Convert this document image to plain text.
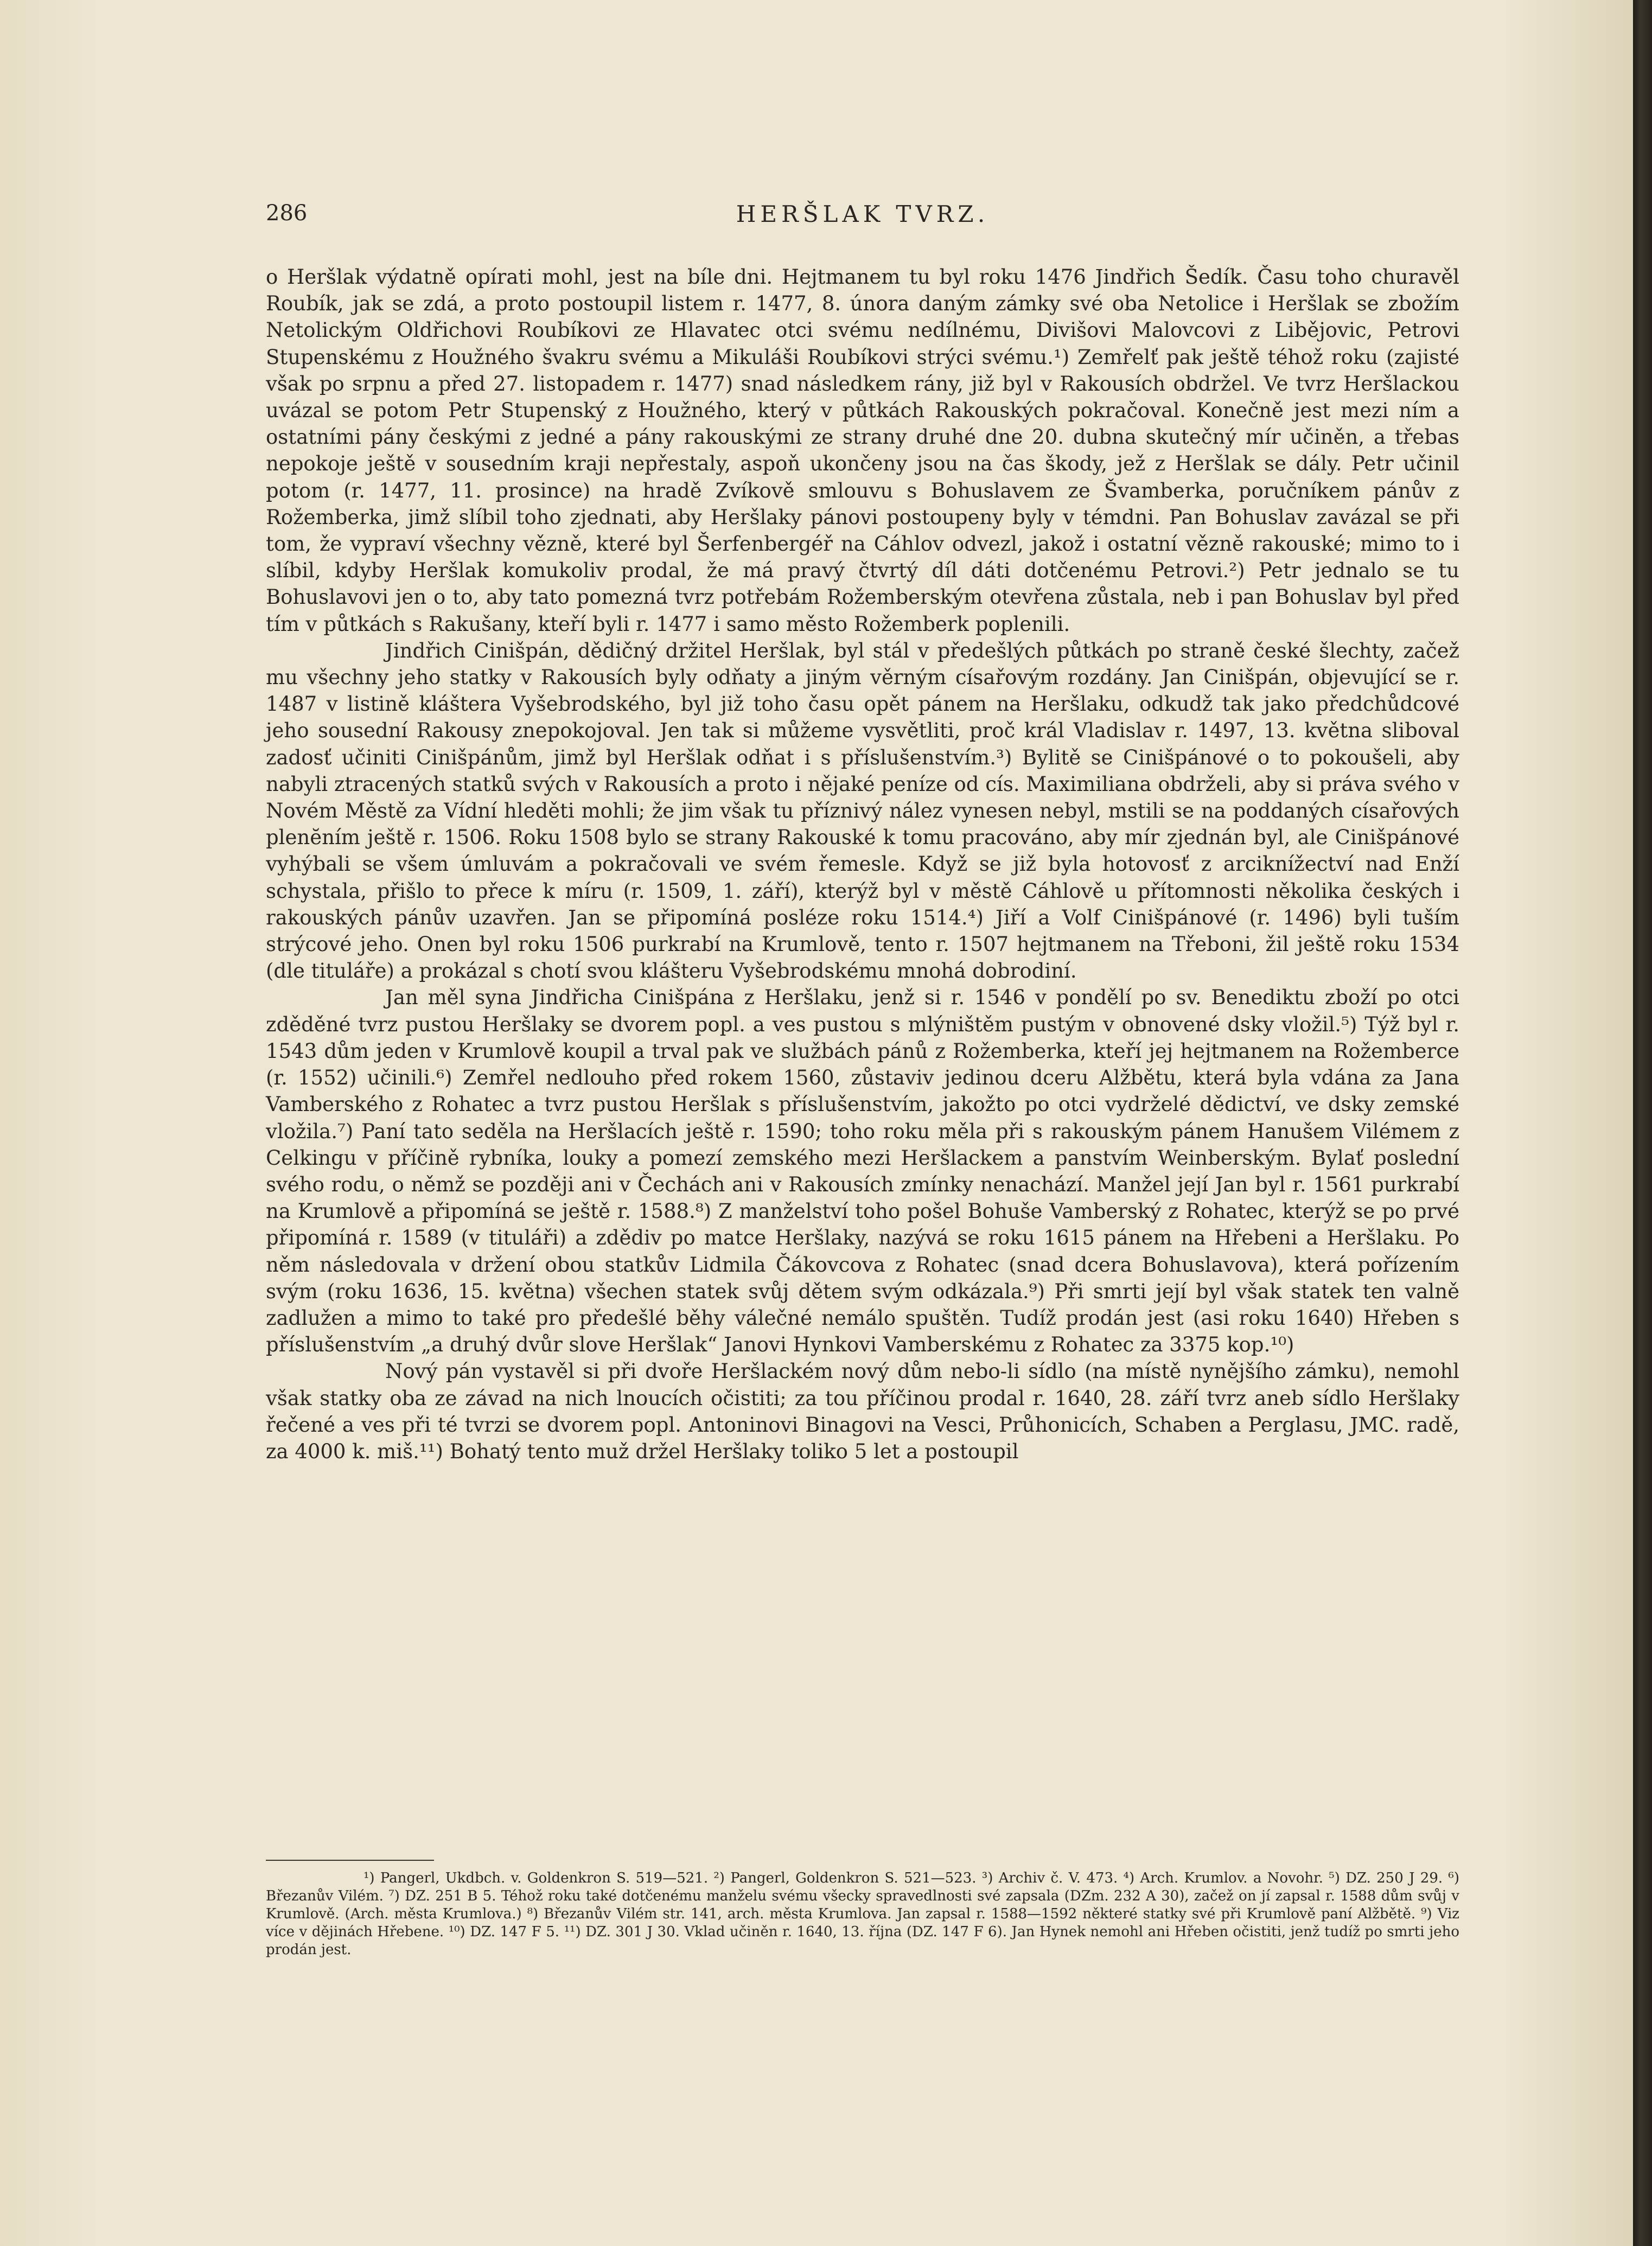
286	HERŠLAK TVRZ.

o Heršlak výdatně opírati mohl, jest na bíle dni. Hejtmanem tu byl roku 1476 Jindřich Šedík. Času toho churavěl Roubík, jak se zdá, a proto postoupil listem r. 1477, 8. února daným zámky své oba Netolice i Heršlak se zbožím Netolickým Oldřichovi Roubíkovi ze Hlavatec otci svému nedílnému, Divišovi Malovcovi z Libějovic, Petrovi Stupenskému z Houžného švakru svému a Mikuláši Roubíkovi strýci svému.¹) Zemřelť pak ještě téhož roku (zajisté však po srpnu a před 27. listopadem r. 1477) snad následkem rány, již byl v Rakousích obdržel. Ve tvrz Heršlackou uvázal se potom Petr Stupenský z Houžného, který v půtkách Rakouských pokračoval. Konečně jest mezi ním a ostatními pány českými z jedné a pány rakouskými ze strany druhé dne 20. dubna skutečný mír učiněn, a třebas nepokoje ještě v sousedním kraji nepřestaly, aspoň ukončeny jsou na čas škody, jež z Heršlak se dály. Petr učinil potom (r. 1477, 11. prosince) na hradě Zvíkově smlouvu s Bohuslavem ze Švamberka, poručníkem pánův z Rožemberka, jimž slíbil toho zjednati, aby Heršlaky pánovi postoupeny byly v témdni. Pan Bohuslav zavázal se při tom, že vypraví všechny vězně, které byl Šerfenbergéř na Cáhlov odvezl, jakož i ostatní vězně rakouské; mimo to i slíbil, kdyby Heršlak komukoliv prodal, že má pravý čtvrtý díl dáti dotčenému Petrovi.²) Petr jednalo se tu Bohuslavovi jen o to, aby tato pomezná tvrz potřebám Rožemberským otevřena zůstala, neb i pan Bohuslav byl před tím v půtkách s Rakušany, kteří byli r. 1477 i samo město Rožemberk poplenili.

Jindřich Cinišpán, dědičný držitel Heršlak, byl stál v předešlých půtkách po straně české šlechty, začež mu všechny jeho statky v Rakousích byly odňaty a jiným věrným císařovým rozdány. Jan Cinišpán, objevující se r. 1487 v listině kláštera Vyšebrodského, byl již toho času opět pánem na Heršlaku, odkudž tak jako předchůdcové jeho sousední Rakousy znepokojoval. Jen tak si můžeme vysvětliti, proč král Vladislav r. 1497, 13. května sliboval zadosť učiniti Cinišpánům, jimž byl Heršlak odňat i s příslušenstvím.³) Bylitě se Cinišpánové o to pokoušeli, aby nabyli ztracených statků svých v Rakousích a proto i nějaké peníze od cís. Maximiliana obdrželi, aby si práva svého v Novém Městě za Vídní hleděti mohli; že jim však tu příznivý nález vynesen nebyl, mstili se na poddaných císařových plenĕním ještě r. 1506. Roku 1508 bylo se strany Rakouské k tomu pracováno, aby mír zjednán byl, ale Cinišpánové vyhýbali se všem úmluvám a pokračovali ve svém řemesle. Když se již byla hotovosť z arciknížectví nad Enží schystala, přišlo to přece k míru (r. 1509, 1. září), kterýž byl v městě Cáhlově u přítomnosti několika českých i rakouských pánův uzavřen. Jan se připomíná posléze roku 1514.⁴) Jiří a Volf Cinišpánové (r. 1496) byli tuším strýcové jeho. Onen byl roku 1506 purkrabí na Krumlově, tento r. 1507 hejtmanem na Třeboni, žil ještě roku 1534 (dle tituláře) a prokázal s chotí svou klášteru Vyšebrodskému mnohá dobrodiní.

Jan měl syna Jindřicha Cinišpána z Heršlaku, jenž si r. 1546 v pondělí po sv. Benediktu zboží po otci zděděné tvrz pustou Heršlaky se dvorem popl. a ves pustou s mlýništěm pustým v obnovené dsky vložil.⁵) Týž byl r. 1543 dům jeden v Krumlově koupil a trval pak ve službách pánů z Rožemberka, kteří jej hejtmanem na Rožemberce (r. 1552) učinili.⁶) Zemřel nedlouho před rokem 1560, zůstaviv jedinou dceru Alžbětu, která byla vdána za Jana Vamberského z Rohatec a tvrz pustou Heršlak s příslušenstvím, jakožto po otci vydrželé dědictví, ve dsky zemské vložila.⁷) Paní tato seděla na Heršlacích ještě r. 1590; toho roku měla při s rakouským pánem Hanušem Vilémem z Celkingu v příčině rybníka, louky a pomezí zemského mezi Heršlackem a panstvím Weinberským. Bylať poslední svého rodu, o němž se později ani v Čechách ani v Rakousích zmínky nenachází. Manžel její Jan byl r. 1561 purkrabí na Krumlově a připomíná se ještě r. 1588.⁸) Z manželství toho pošel Bohuše Vamberský z Rohatec, kterýž se po prvé připomíná r. 1589 (v tituláři) a zdědiv po matce Heršlaky, nazývá se roku 1615 pánem na Hřebeni a Heršlaku. Po něm následovala v držení obou statkův Lidmila Čákovcova z Rohatec (snad dcera Bohuslavova), která pořízením svým (roku 1636, 15. května) všechen statek svůj dětem svým odkázala.⁹) Při smrti její byl však statek ten valně zadlužen a mimo to také pro předešlé běhy válečné nemálo spuštěn. Tudíž prodán jest (asi roku 1640) Hřeben s příslušenstvím „a druhý dvůr slove Heršlak“ Janovi Hynkovi Vamberskému z Rohatec za 3375 kop.¹⁰)

Nový pán vystavěl si při dvoře Heršlackém nový dům nebo-li sídlo (na místě nynějšího zámku), nemohl však statky oba ze závad na nich lnoucích očistiti; za tou příčinou prodal r. 1640, 28. září tvrz aneb sídlo Heršlaky řečené a ves při té tvrzi se dvorem popl. Antoninovi Binagovi na Vesci, Průhonicích, Schaben a Perglasu, JMC. radě, za 4000 k. miš.¹¹) Bohatý tento muž držel Heršlaky toliko 5 let a postoupil

¹) Pangerl, Ukdbch. v. Goldenkron S. 519—521. ²) Pangerl, Goldenkron S. 521—523. ³) Archiv č. V. 473. ⁴) Arch. Krumlov. a Novohr. ⁵) DZ. 250 J 29. ⁶) Březanův Vilém. ⁷) DZ. 251 B 5. Téhož roku také dotčenému manželu svému všecky spravedlnosti své zapsala (DZm. 232 A 30), začež on jí zapsal r. 1588 dům svůj v Krumlově. (Arch. města Krumlova.) ⁸) Březanův Vilém str. 141, arch. města Krumlova. Jan zapsal r. 1588—1592 některé statky své při Krumlově paní Alžbětě. ⁹) Viz více v dějinách Hřebene. ¹⁰) DZ. 147 F 5. ¹¹) DZ. 301 J 30. Vklad učiněn r. 1640, 13. října (DZ. 147 F 6). Jan Hynek nemohl ani Hřeben očistiti, jenž tudíž po smrti jeho prodán jest.
